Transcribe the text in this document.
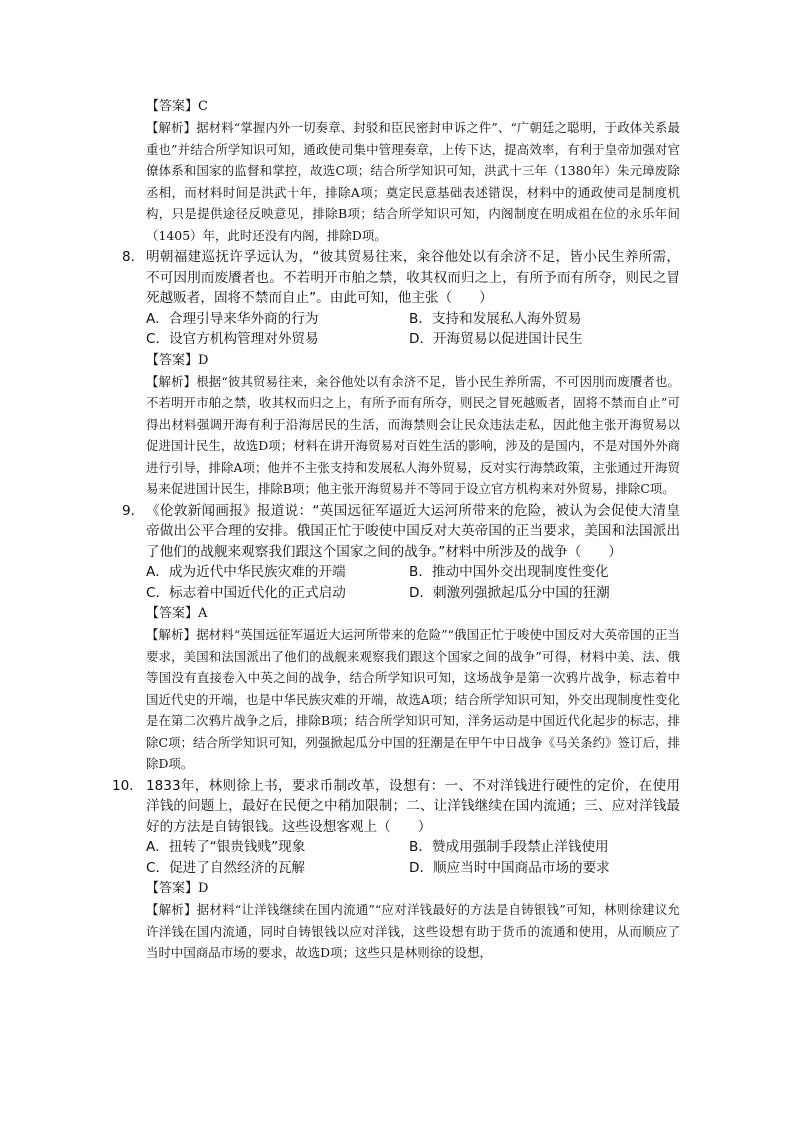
【答案】C
【解析】据材料“掌握内外一切奏章、封驳和臣民密封申诉之件”、“广朝廷之聪明，于政体关系最重也”并结合所学知识可知，通政使司集中管理奏章，上传下达，提高效率，有利于皇帝加强对官僚体系和国家的监督和掌控，故选C项；结合所学知识可知，洪武十三年（1380年）朱元璋废除丞相，而材料时间是洪武十年，排除A项；奠定民意基础表述错误，材料中的通政使司是制度机构，只是提供途径反映意见，排除B项；结合所学知识可知，内阁制度在明成祖在位的永乐年间（1405）年，此时还没有内阁，排除D项。
8． 明朝福建巡抚许孚远认为，“彼其贸易往来，籴谷他处以有余济不足，皆小民生养所需，不可因刖而废餍者也。不若明开市舶之禁，收其权而归之上，有所予而有所夺，则民之冒死越贩者，固将不禁而自止”。由此可知，他主张（　　）
A．合理引导来华外商的行为	B．支持和发展私人海外贸易
C．设官方机构管理对外贸易	D．开海贸易以促进国计民生
【答案】D
【解析】根据“彼其贸易往来，籴谷他处以有余济不足，皆小民生养所需，不可因刖而废餍者也。不若明开市舶之禁，收其权而归之上，有所予而有所夺，则民之冒死越贩者，固将不禁而自止”可得出材料强调开海有利于沿海居民的生活，而海禁则会让民众违法走私，因此他主张开海贸易以促进国计民生，故选D项；材料在讲开海贸易对百姓生活的影响，涉及的是国内，不是对国外外商进行引导，排除A项；他并不主张支持和发展私人海外贸易，反对实行海禁政策，主张通过开海贸易来促进国计民生，排除B项；他主张开海贸易并不等同于设立官方机构来对外贸易，排除C项。
9． 《伦敦新闻画报》报道说：“英国远征军逼近大运河所带来的危险，被认为会促使大清皇帝做出公平合理的安排。俄国正忙于唆使中国反对大英帝国的正当要求，美国和法国派出了他们的战舰来观察我们跟这个国家之间的战争。”材料中所涉及的战争（　　）
A．成为近代中华民族灾难的开端	B．推动中国外交出现制度性变化
C．标志着中国近代化的正式启动	D．刺激列强掀起瓜分中国的狂潮
【答案】A
【解析】据材料“英国远征军逼近大运河所带来的危险”“俄国正忙于唆使中国反对大英帝国的正当要求，美国和法国派出了他们的战舰来观察我们跟这个国家之间的战争”可得，材料中美、法、俄等国没有直接卷入中英之间的战争，结合所学知识可知，这场战争是第一次鸦片战争，标志着中国近代史的开端，也是中华民族灾难的开端，故选A项；结合所学知识可知，外交出现制度性变化是在第二次鸦片战争之后，排除B项；结合所学知识可知，洋务运动是中国近代化起步的标志，排除C项；结合所学知识可知，列强掀起瓜分中国的狂潮是在甲午中日战争《马关条约》签订后，排除D项。
10． 1833年，林则徐上书，要求币制改革，设想有：一、不对洋钱进行硬性的定价，在使用洋钱的问题上，最好在民便之中稍加限制；二、让洋钱继续在国内流通；三、应对洋钱最好的方法是自铸银钱。这些设想客观上（　　）
A．扭转了“银贵钱贱”现象	B．赞成用强制手段禁止洋钱使用
C．促进了自然经济的瓦解	D．顺应当时中国商品市场的要求
【答案】D
【解析】据材料“让洋钱继续在国内流通”“应对洋钱最好的方法是自铸银钱”可知，林则徐建议允许洋钱在国内流通，同时自铸银钱以应对洋钱，这些设想有助于货币的流通和使用，从而顺应了当时中国商品市场的要求，故选D项；这些只是林则徐的设想，
